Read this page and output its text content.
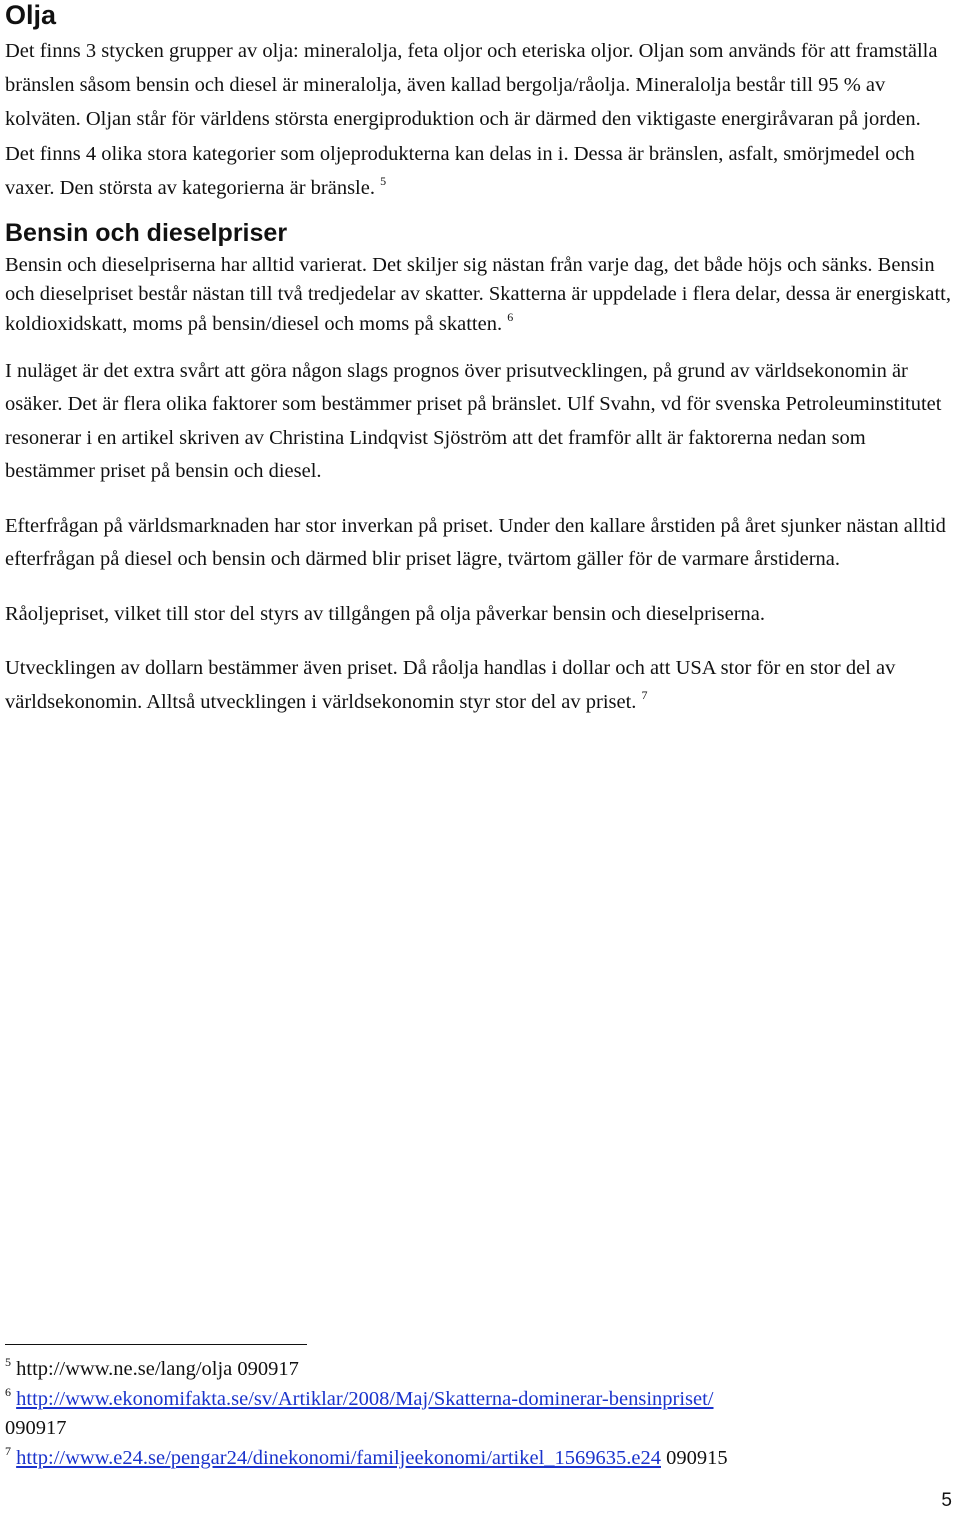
Olja

Det finns 3 stycken grupper av olja: mineralolja, feta oljor och eteriska oljor. Oljan som används för att framställa bränslen såsom bensin och diesel är mineralolja, även kallad bergolja/råolja. Mineralolja består till 95 % av kolväten. Oljan står för världens största energiproduktion och är därmed den viktigaste energiråvaran på jorden. Det finns 4 olika stora kategorier som oljeprodukterna kan delas in i. Dessa är bränslen, asfalt, smörjmedel och vaxer. Den största av kategorierna är bränsle. $^5$

Bensin och dieselpriser

Bensin och dieselpriserna har alltid varierat. Det skiljer sig nästan från varje dag, det både höjs och sänks. Bensin och dieselpriset består nästan till två tredjedelar av skatter. Skatterna är uppdelade i flera delar, dessa är energiskatt, koldioxidskatt, moms på bensin/diesel och moms på skatten. $^6$

I nuläget är det extra svårt att göra någon slags prognos över prisutvecklingen, på grund av världsekonomin är osäker. Det är flera olika faktorer som bestämmer priset på bränslet. Ulf Svahn, vd för svenska Petroleuminstitutet resonerar i en artikel skriven av Christina Lindqvist Sjöström att det framför allt är faktorerna nedan som bestämmer priset på bensin och diesel.

Efterfrågan på världsmarknaden har stor inverkan på priset. Under den kallare årstiden på året sjunker nästan alltid efterfrågan på diesel och bensin och därmed blir priset lägre, tvärtom gäller för de varmare årstiderna.

Råoljepriset, vilket till stor del styrs av tillgången på olja påverkar bensin och dieselpriserna.

Utvecklingen av dollarn bestämmer även priset. Då råolja handlas i dollar och att USA stor för en stor del av världsekonomin. Alltså utvecklingen i världsekonomin styr stor del av priset. $^7$

$^5$ http://www.ne.se/lang/olja 090917

$^6$ http://www.ekonomifakta.se/sv/Artiklar/2008/Maj/Skatterna-dominerar-bensinpriset/
090917

$^7$ http://www.e24.se/pengar24/dinekonomi/familjeekonomi/artikel_1569635.e24 090915

5
